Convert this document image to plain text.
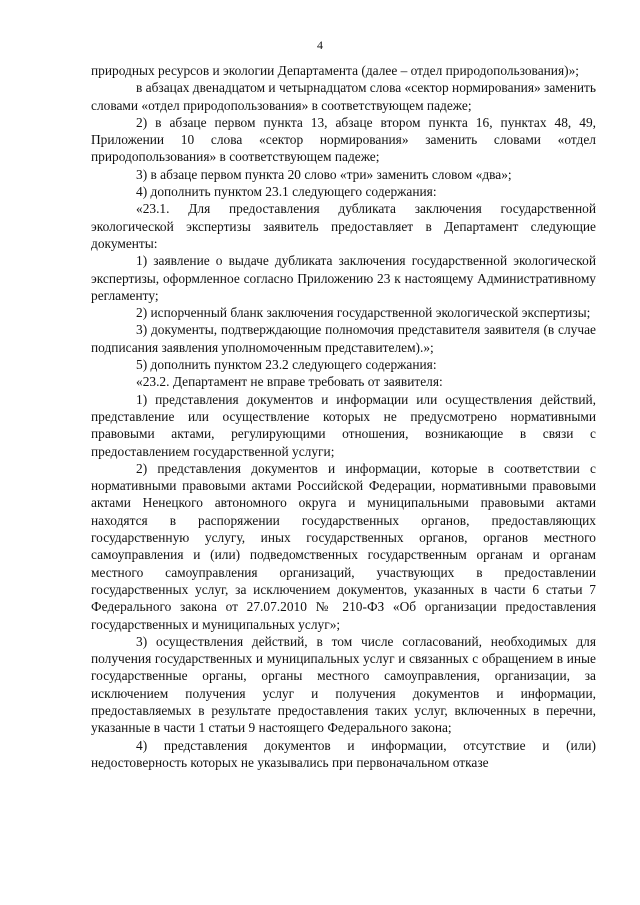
4

природных ресурсов и экологии Департамента (далее – отдел природопользования)»;

в абзацах двенадцатом и четырнадцатом слова «сектор нормирования» заменить словами «отдел природопользования» в соответствующем падеже;

2) в абзаце первом пункта 13, абзаце втором пункта 16, пунктах 48, 49, Приложении 10 слова «сектор нормирования» заменить словами «отдел природопользования» в соответствующем падеже;

3) в абзаце первом пункта 20 слово «три» заменить словом «два»;

4) дополнить пунктом 23.1 следующего содержания:

«23.1. Для предоставления дубликата заключения государственной экологической экспертизы заявитель предоставляет в Департамент следующие документы:

1) заявление о выдаче дубликата заключения государственной экологической экспертизы, оформленное согласно Приложению 23 к настоящему Административному регламенту;

2) испорченный бланк заключения государственной экологической экспертизы;

3) документы, подтверждающие полномочия представителя заявителя (в случае подписания заявления уполномоченным представителем).»;

5) дополнить пунктом 23.2 следующего содержания:

«23.2. Департамент не вправе требовать от заявителя:

1) представления документов и информации или осуществления действий, представление или осуществление которых не предусмотрено нормативными правовыми актами, регулирующими отношения, возникающие в связи с предоставлением государственной услуги;

2) представления документов и информации, которые в соответствии с нормативными правовыми актами Российской Федерации, нормативными правовыми актами Ненецкого автономного округа и муниципальными правовыми актами находятся в распоряжении государственных органов, предоставляющих государственную услугу, иных государственных органов, органов местного самоуправления и (или) подведомственных государственным органам и органам местного самоуправления организаций, участвующих в предоставлении государственных услуг, за исключением документов, указанных в части 6 статьи 7 Федерального закона от 27.07.2010 № 210-ФЗ «Об организации предоставления государственных и муниципальных услуг»;

3) осуществления действий, в том числе согласований, необходимых для получения государственных и муниципальных услуг и связанных с обращением в иные государственные органы, органы местного самоуправления, организации, за исключением получения услуг и получения документов и информации, предоставляемых в результате предоставления таких услуг, включенных в перечни, указанные в части 1 статьи 9 настоящего Федерального закона;

4) представления документов и информации, отсутствие и (или) недостоверность которых не указывались при первоначальном отказе
